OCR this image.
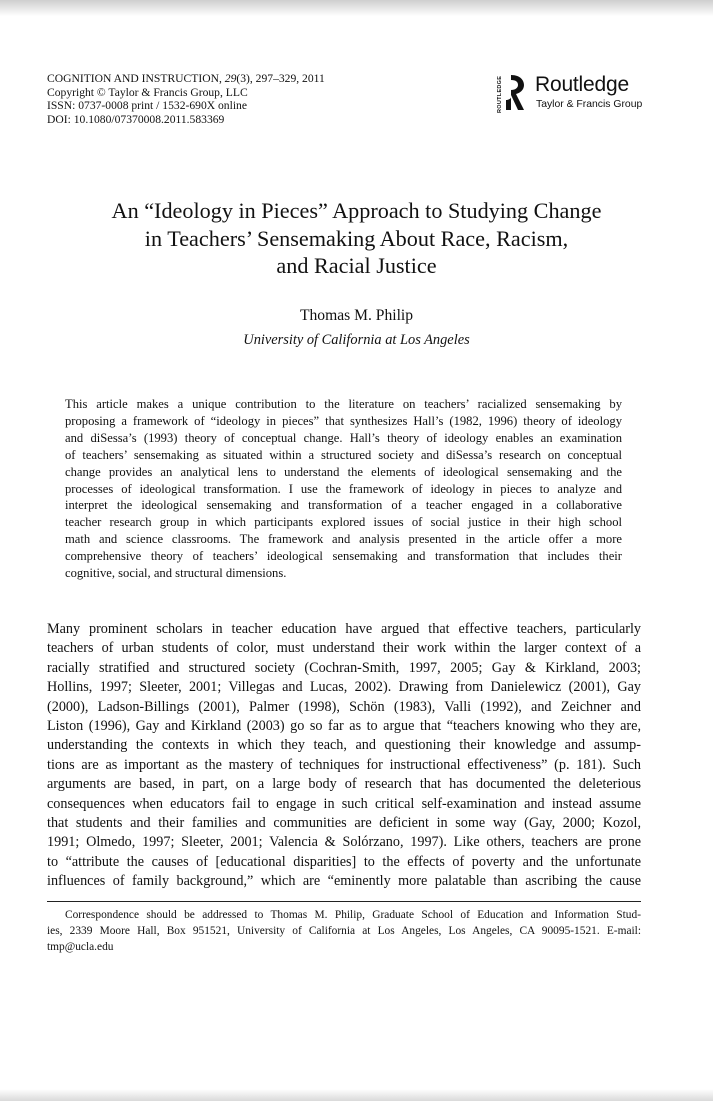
COGNITION AND INSTRUCTION, 29(3), 297–329, 2011
Copyright © Taylor & Francis Group, LLC
ISSN: 0737-0008 print / 1532-690X online
DOI: 10.1080/07370008.2011.583369
ROUTLEDGE Routledge
Taylor & Francis Group
An “Ideology in Pieces” Approach to Studying Change
in Teachers’ Sensemaking About Race, Racism,
and Racial Justice
Thomas M. Philip
University of California at Los Angeles
This article makes a unique contribution to the literature on teachers’ racialized sensemaking by
proposing a framework of “ideology in pieces” that synthesizes Hall’s (1982, 1996) theory of ideology
and diSessa’s (1993) theory of conceptual change. Hall’s theory of ideology enables an examination
of teachers’ sensemaking as situated within a structured society and diSessa’s research on conceptual
change provides an analytical lens to understand the elements of ideological sensemaking and the
processes of ideological transformation. I use the framework of ideology in pieces to analyze and
interpret the ideological sensemaking and transformation of a teacher engaged in a collaborative
teacher research group in which participants explored issues of social justice in their high school
math and science classrooms. The framework and analysis presented in the article offer a more
comprehensive theory of teachers’ ideological sensemaking and transformation that includes their
cognitive, social, and structural dimensions.
Many prominent scholars in teacher education have argued that effective teachers, particularly
teachers of urban students of color, must understand their work within the larger context of a
racially stratified and structured society (Cochran-Smith, 1997, 2005; Gay & Kirkland, 2003;
Hollins, 1997; Sleeter, 2001; Villegas and Lucas, 2002). Drawing from Danielewicz (2001), Gay
(2000), Ladson-Billings (2001), Palmer (1998), Schön (1983), Valli (1992), and Zeichner and
Liston (1996), Gay and Kirkland (2003) go so far as to argue that “teachers knowing who they are,
understanding the contexts in which they teach, and questioning their knowledge and assump-
tions are as important as the mastery of techniques for instructional effectiveness” (p. 181). Such
arguments are based, in part, on a large body of research that has documented the deleterious
consequences when educators fail to engage in such critical self-examination and instead assume
that students and their families and communities are deficient in some way (Gay, 2000; Kozol,
1991; Olmedo, 1997; Sleeter, 2001; Valencia & Solórzano, 1997). Like others, teachers are prone
to “attribute the causes of [educational disparities] to the effects of poverty and the unfortunate
influences of family background,” which are “eminently more palatable than ascribing the cause
Correspondence should be addressed to Thomas M. Philip, Graduate School of Education and Information Stud-
ies, 2339 Moore Hall, Box 951521, University of California at Los Angeles, Los Angeles, CA 90095-1521. E-mail:
tmp@ucla.edu
